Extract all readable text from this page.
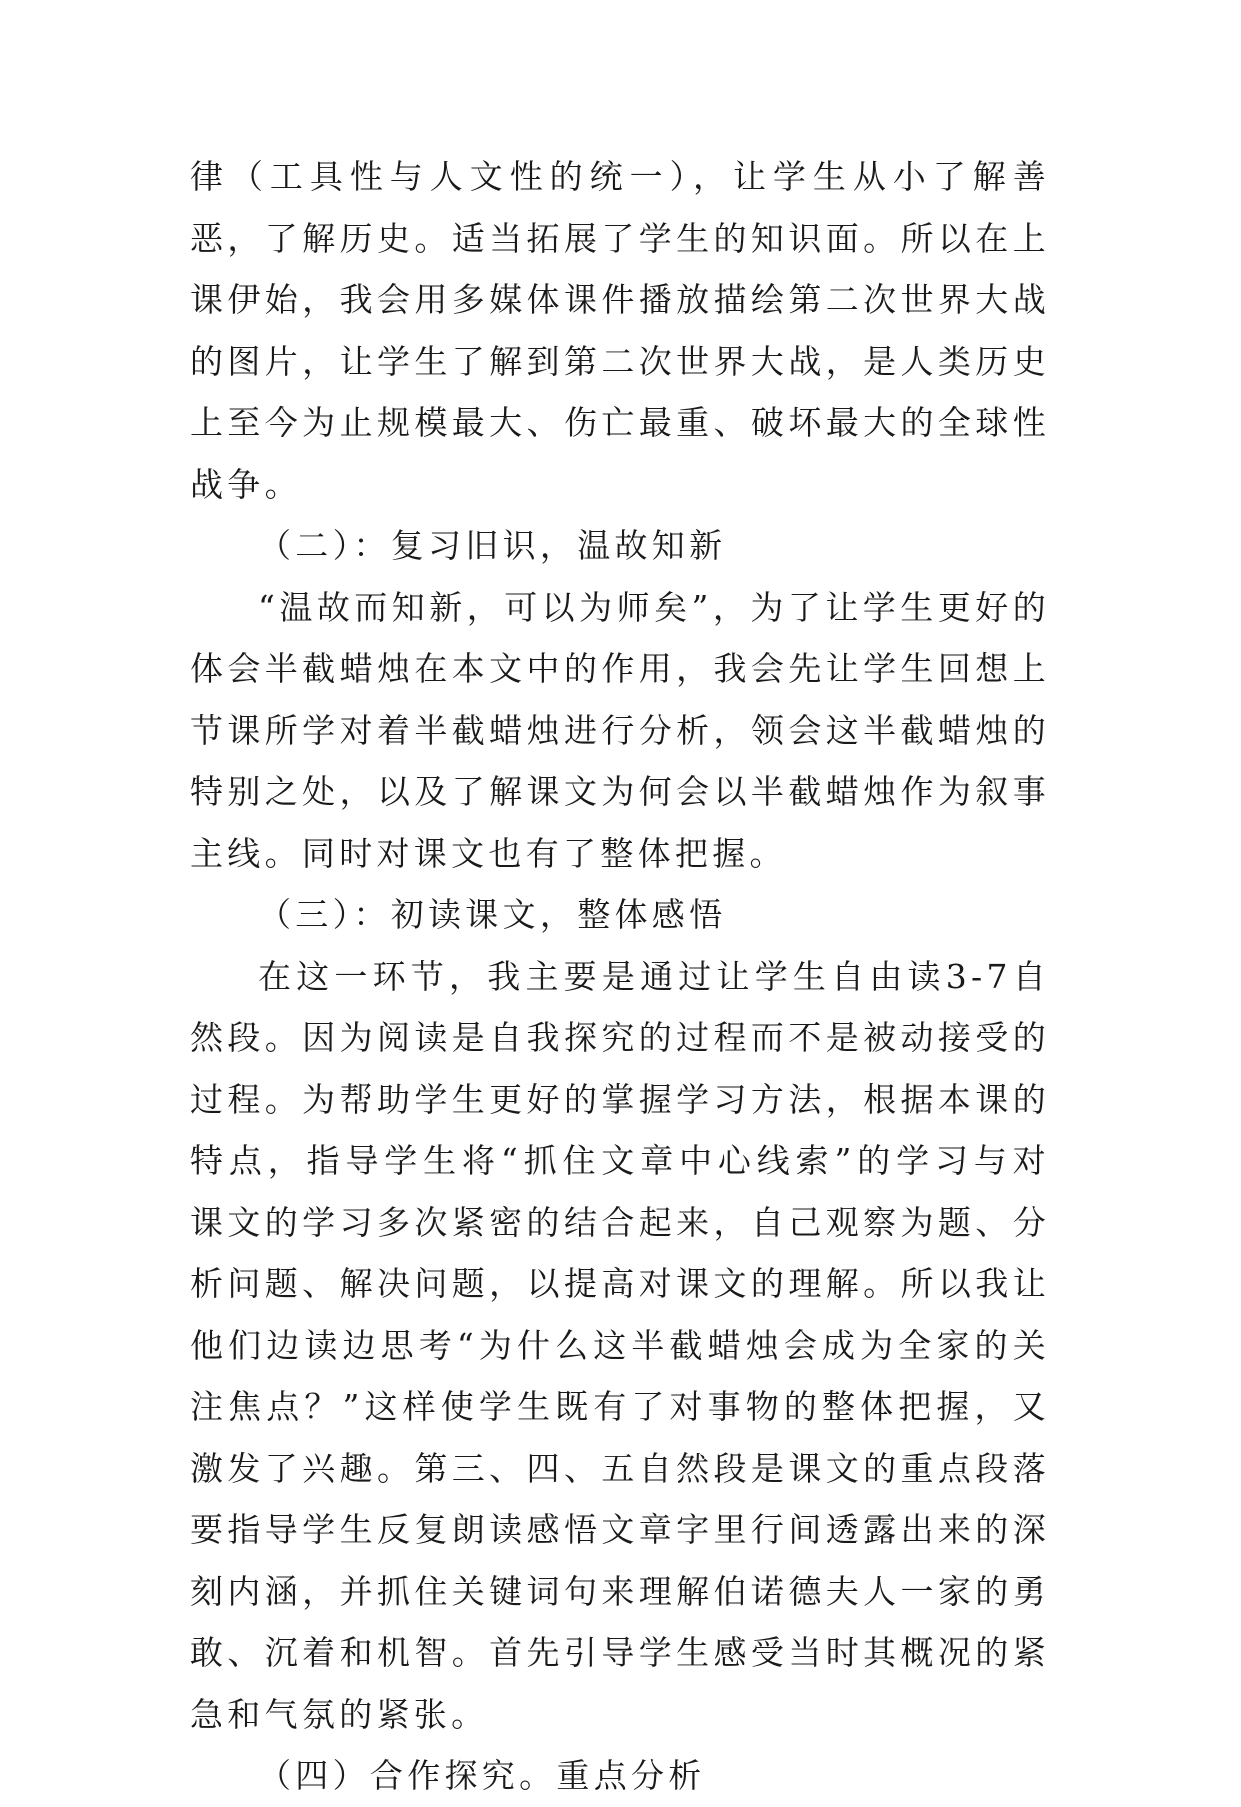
律（工具性与人文性的统一），让学生从小了解善恶，了解历史。适当拓展了学生的知识面。所以在上课伊始，我会用多媒体课件播放描绘第二次世界大战的图片，让学生了解到第二次世界大战，是人类历史上至今为止规模最大、伤亡最重、破坏最大的全球性战争。

（二）：复习旧识，温故知新

“温故而知新，可以为师矣”，为了让学生更好的体会半截蜡烛在本文中的作用，我会先让学生回想上节课所学对着半截蜡烛进行分析，领会这半截蜡烛的特别之处，以及了解课文为何会以半截蜡烛作为叙事主线。同时对课文也有了整体把握。

（三）：初读课文，整体感悟

在这一环节，我主要是通过让学生自由读3-7自然段。因为阅读是自我探究的过程而不是被动接受的过程。为帮助学生更好的掌握学习方法，根据本课的特点，指导学生将“抓住文章中心线索”的学习与对课文的学习多次紧密的结合起来，自己观察为题、分析问题、解决问题，以提高对课文的理解。所以我让他们边读边思考“为什么这半截蜡烛会成为全家的关注焦点？”这样使学生既有了对事物的整体把握，又激发了兴趣。第三、四、五自然段是课文的重点段落要指导学生反复朗读感悟文章字里行间透露出来的深刻内涵，并抓住关键词句来理解伯诺德夫人一家的勇敢、沉着和机智。首先引导学生感受当时其概况的紧急和气氛的紧张。

（四）合作探究。重点分析
